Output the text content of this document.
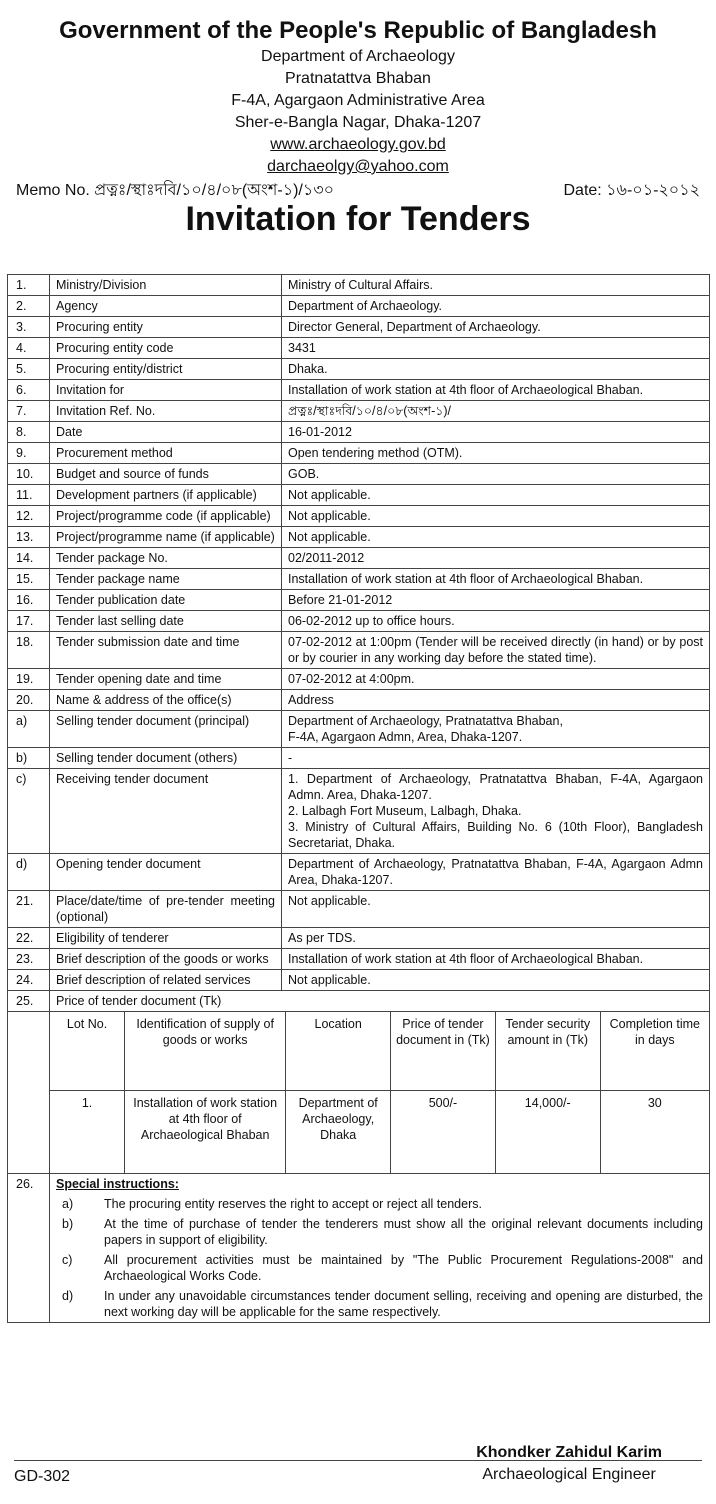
Government of the People's Republic of Bangladesh
Department of Archaeology
Pratnatattva Bhaban
F-4A, Agargaon Administrative Area
Sher-e-Bangla Nagar, Dhaka-1207
www.archaeology.gov.bd
darchaeolgy@yahoo.com
Memo No. প্রত্নঃ/স্থাঃদবি/১০/৪/০৮(অংশ-১)/১৩০	Date: ১৬-০১-২০১২
Invitation for Tenders
1.	Ministry/Division	Ministry of Cultural Affairs.
2.	Agency	Department of Archaeology.
3.	Procuring entity	Director General, Department of Archaeology.
4.	Procuring entity code	3431
5.	Procuring entity/district	Dhaka.
6.	Invitation for	Installation of work station at 4th floor of Archaeological Bhaban.
7.	Invitation Ref. No.	প্রত্নঃ/স্থাঃদবি/১০/৪/০৮(অংশ-১)/
8.	Date	16-01-2012
9.	Procurement method	Open tendering method (OTM).
10.	Budget and source of funds	GOB.
11.	Development partners (if applicable)	Not applicable.
12.	Project/programme code (if applicable)	Not applicable.
13.	Project/programme name (if applicable)	Not applicable.
14.	Tender package No.	02/2011-2012
15.	Tender package name	Installation of work station at 4th floor of Archaeological Bhaban.
16.	Tender publication date	Before 21-01-2012
17.	Tender last selling date	06-02-2012 up to office hours.
18.	Tender submission date and time	07-02-2012 at 1:00pm (Tender will be received directly (in hand) or by post or by courier in any working day before the stated time).
19.	Tender opening date and time	07-02-2012 at 4:00pm.
20.	Name & address of the office(s)	Address
a)	Selling tender document (principal)	Department of Archaeology, Pratnatattva Bhaban,
F-4A, Agargaon Admn, Area, Dhaka-1207.

b)	Selling tender document (others)	-
c)	Receiving tender document	1. Department of Archaeology, Pratnatattva Bhaban, F-4A, Agargaon Admn. Area, Dhaka-1207.
2. Lalbagh Fort Museum, Lalbagh, Dhaka.
3. Ministry of Cultural Affairs, Building No. 6 (10th Floor), Bangladesh Secretariat, Dhaka.

d)	Opening tender document	Department of Archaeology, Pratnatattva Bhaban, F-4A, Agargaon Admn Area, Dhaka-1207.
21.	Place/date/time of pre-tender meeting (optional)	Not applicable.
22.	Eligibility of tenderer	As per TDS.
23.	Brief description of the goods or works	Installation of work station at 4th floor of Archaeological Bhaban.
24.	Brief description of related services	Not applicable.
25.	Price of tender document (Tk)

Lot No.	Identification of supply of goods or works	Location	Price of tender document in (Tk)	Tender security amount in (Tk)	Completion time in days
1.	Installation of work station at 4th floor of Archaeological Bhaban	Department of Archaeology, Dhaka	500/-	14,000/-	30

26.	Special instructions:
a)	The procuring entity reserves the right to accept or reject all tenders.
b)	At the time of purchase of tender the tenderers must show all the original relevant documents including papers in support of eligibility.
c)	All procurement activities must be maintained by "The Public Procurement Regulations-2008" and Archaeological Works Code.
d)	In under any unavoidable circumstances tender document selling, receiving and opening are disturbed, the next working day will be applicable for the same respectively.
GD-302
Khondker Zahidul Karim
Archaeological Engineer
